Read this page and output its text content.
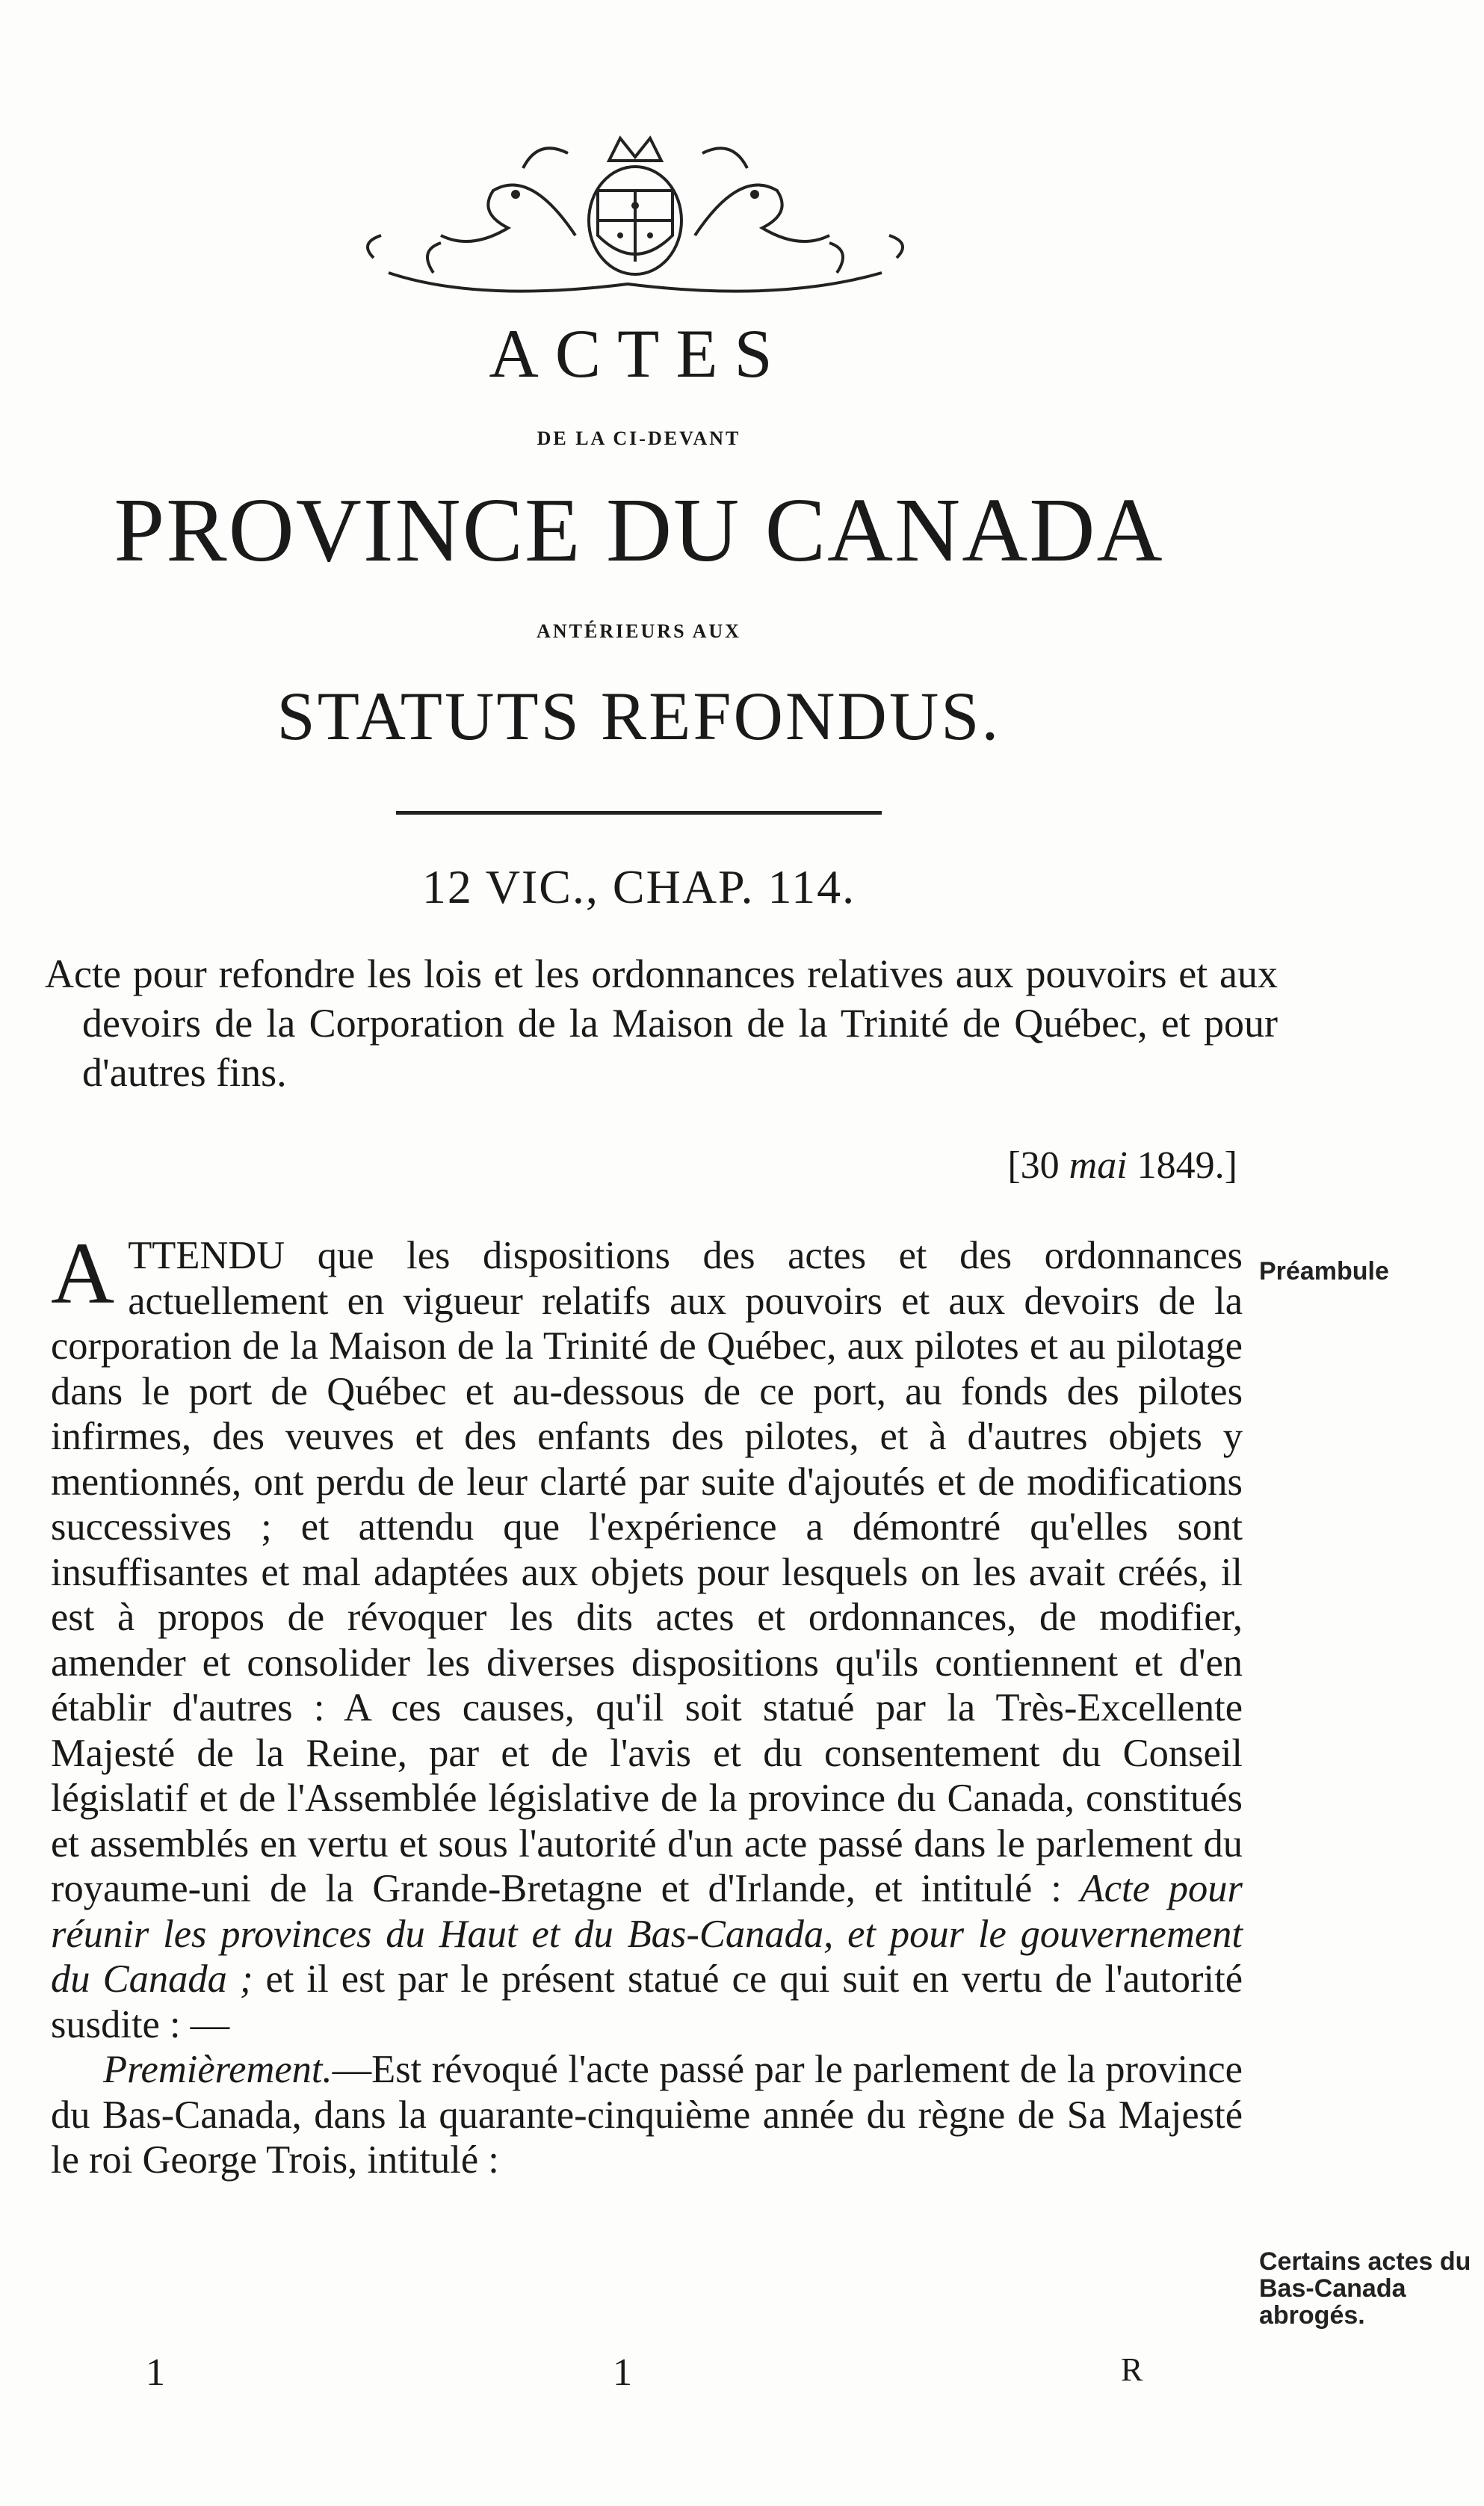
ACTES
DE LA CI-DEVANT
PROVINCE DU CANADA
ANTÉRIEURS AUX
STATUTS REFONDUS.
12 VIC., CHAP. 114.
Acte pour refondre les lois et les ordonnances relatives aux pouvoirs et aux devoirs de la Corporation de la Maison de la Trinité de Québec, et pour d'autres fins.
[30 mai 1849.]

ATTENDU que les dispositions des actes et des ordonnances actuellement en vigueur relatifs aux pouvoirs et aux devoirs de la corporation de la Maison de la Trinité de Québec, aux pilotes et au pilotage dans le port de Québec et au-dessous de ce port, au fonds des pilotes infirmes, des veuves et des enfants des pilotes, et à d'autres objets y mentionnés, ont perdu de leur clarté par suite d'ajoutés et de modifications successives ; et attendu que l'expérience a démontré qu'elles sont insuffisantes et mal adaptées aux objets pour lesquels on les avait créés, il est à propos de révoquer les dits actes et ordonnances, de modifier, amender et consolider les diverses dispositions qu'ils contiennent et d'en établir d'autres : A ces causes, qu'il soit statué par la Très-Excellente Majesté de la Reine, par et de l'avis et du consentement du Conseil législatif et de l'Assemblée législative de la province du Canada, constitués et assemblés en vertu et sous l'autorité d'un acte passé dans le parlement du royaume-uni de la Grande-Bretagne et d'Irlande, et intitulé : Acte pour réunir les provinces du Haut et du Bas-Canada, et pour le gouvernement du Canada ; et il est par le présent statué ce qui suit en vertu de l'autorité susdite : —

Premièrement.—Est révoqué l'acte passé par le parlement de la province du Bas-Canada, dans la quarante-cinquième année du règne de Sa Majesté le roi George Trois, intitulé :

Préambule
Certains actes du Bas-Canada abrogés.
1	1	R
